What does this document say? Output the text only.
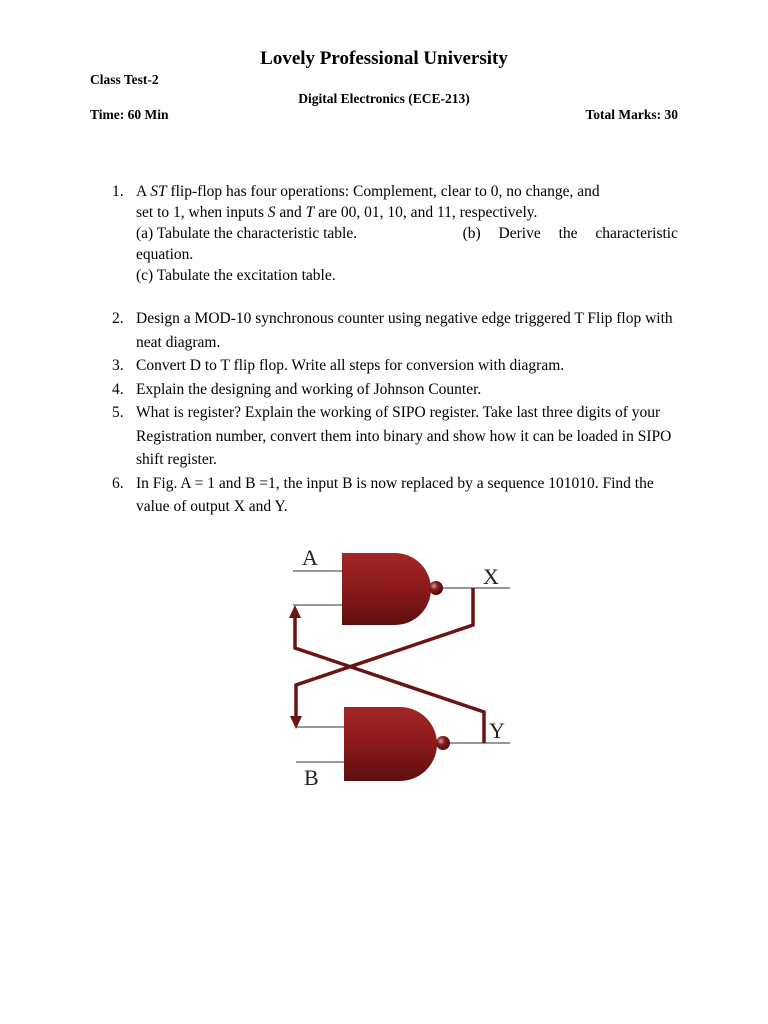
Lovely Professional University
Class Test-2
Digital Electronics (ECE-213)
Time: 60 Min	Total Marks: 30
1. A ST flip-flop has four operations: Complement, clear to 0, no change, and
set to 1, when inputs S and T are 00, 01, 10, and 11, respectively.
(a) Tabulate the characteristic table.	(b) Derive the characteristic
equation.
(c) Tabulate the excitation table.
2. Design a MOD-10 synchronous counter using negative edge triggered T Flip flop with neat diagram.
3. Convert D to T flip flop. Write all steps for conversion with diagram.
4. Explain the designing and working of Johnson Counter.
5. What is register? Explain the working of SIPO register. Take last three digits of your Registration number, convert them into binary and show how it can be loaded in SIPO shift register.
6. In Fig. A = 1 and B =1, the input B is now replaced by a sequence 101010. Find the value of output X and Y.
A
X
Y
B
